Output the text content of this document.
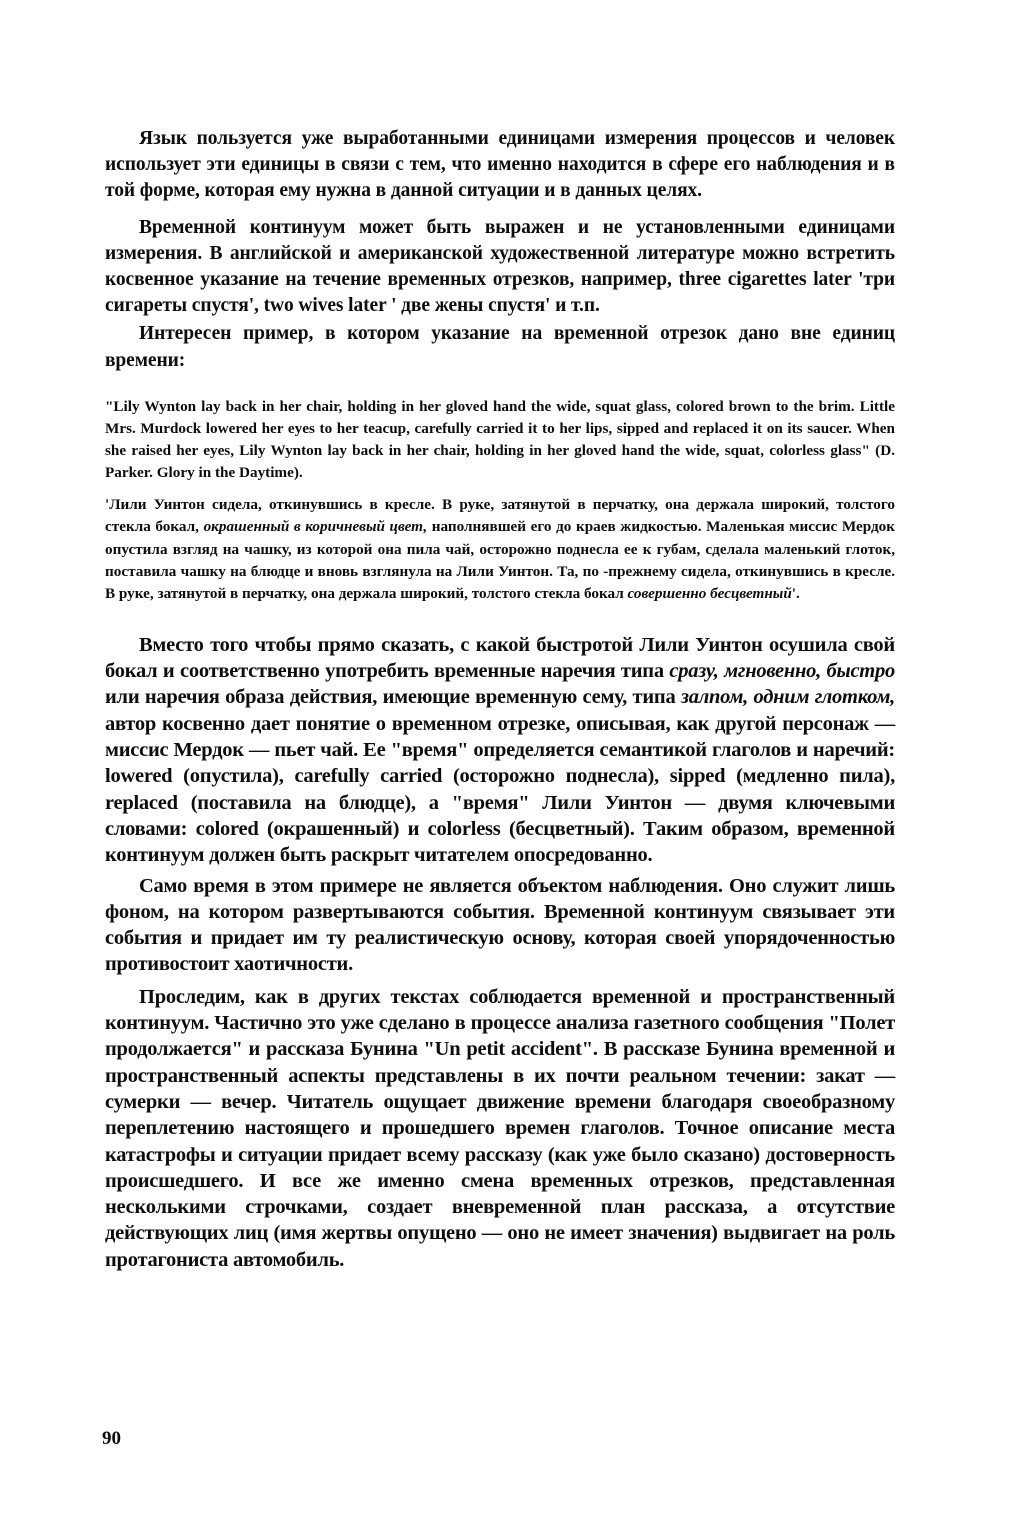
Язык пользуется уже выработанными единицами измерения процессов и человек использует эти единицы в связи с тем, что именно находится в сфере его наблюдения и в той форме, которая ему нужна в данной ситуации и в данных целях.

Временной континуум может быть выражен и не установленными единицами измерения. В английской и американской художественной литературе можно встретить косвенное указание на течение временных отрезков, например, three cigarettes later 'три сигареты спустя', two wives later ' две жены спустя' и т.п.

Интересен пример, в котором указание на временной отрезок дано вне единиц времени:

"Lily Wynton lay back in her chair, holding in her gloved hand the wide, squat glass, colored brown to the brim. Little Mrs. Murdock lowered her eyes to her teacup, carefully carried it to her lips, sipped and replaced it on its saucer. When she raised her eyes, Lily Wynton lay back in her chair, holding in her gloved hand the wide, squat, colorless glass" (D. Parker. Glory in the Daytime).

'Лили Уинтон сидела, откинувшись в кресле. В руке, затянутой в перчатку, она держала широкий, толстого стекла бокал, окрашенный в коричневый цвет, наполнявшей его до краев жидкостью. Маленькая миссис Мердок опустила взгляд на чашку, из которой она пила чай, осторожно поднесла ее к губам, сделала маленький глоток, поставила чашку на блюдце и вновь взглянула на Лили Уинтон. Та, по -прежнему сидела, откинувшись в кресле. В руке, затянутой в перчатку, она держала широкий, толстого стекла бокал совершенно бесцветный'.

Вместо того чтобы прямо сказать, с какой быстротой Лили Уинтон осушила свой бокал и соответственно употребить временные наречия типа сразу, мгновенно, быстро или наречия образа действия, имеющие временную сему, типа залпом, одним глотком, автор косвенно дает понятие о временном отрезке, описывая, как другой персонаж — миссис Мердок — пьет чай. Ее "время" определяется семантикой глаголов и наречий: lowered (опустила), carefully carried (осторожно поднесла), sipped (медленно пила), replaced (поставила на блюдце), а "время" Лили Уинтон — двумя ключевыми словами: colored (окрашенный) и colorless (бесцветный). Таким образом, временной континуум должен быть раскрыт читателем опосредованно.

Само время в этом примере не является объектом наблюдения. Оно служит лишь фоном, на котором развертываются события. Временной континуум связывает эти события и придает им ту реалистическую основу, которая своей упорядоченностью противостоит хаотичности.

Проследим, как в других текстах соблюдается временной и пространственный континуум. Частично это уже сделано в процессе анализа газетного сообщения "Полет продолжается" и рассказа Бунина "Un petit accident". В рассказе Бунина временной и пространственный аспекты представлены в их почти реальном течении: закат — сумерки — вечер. Читатель ощущает движение времени благодаря своеобразному переплетению настоящего и прошедшего времен глаголов. Точное описание места катастрофы и ситуации придает всему рассказу (как уже было сказано) достоверность происшедшего. И все же именно смена временных отрезков, представленная несколькими строчками, создает вневременной план рассказа, а отсутствие действующих лиц (имя жертвы опущено — оно не имеет значения) выдвигает на роль протагониста автомобиль.

90
